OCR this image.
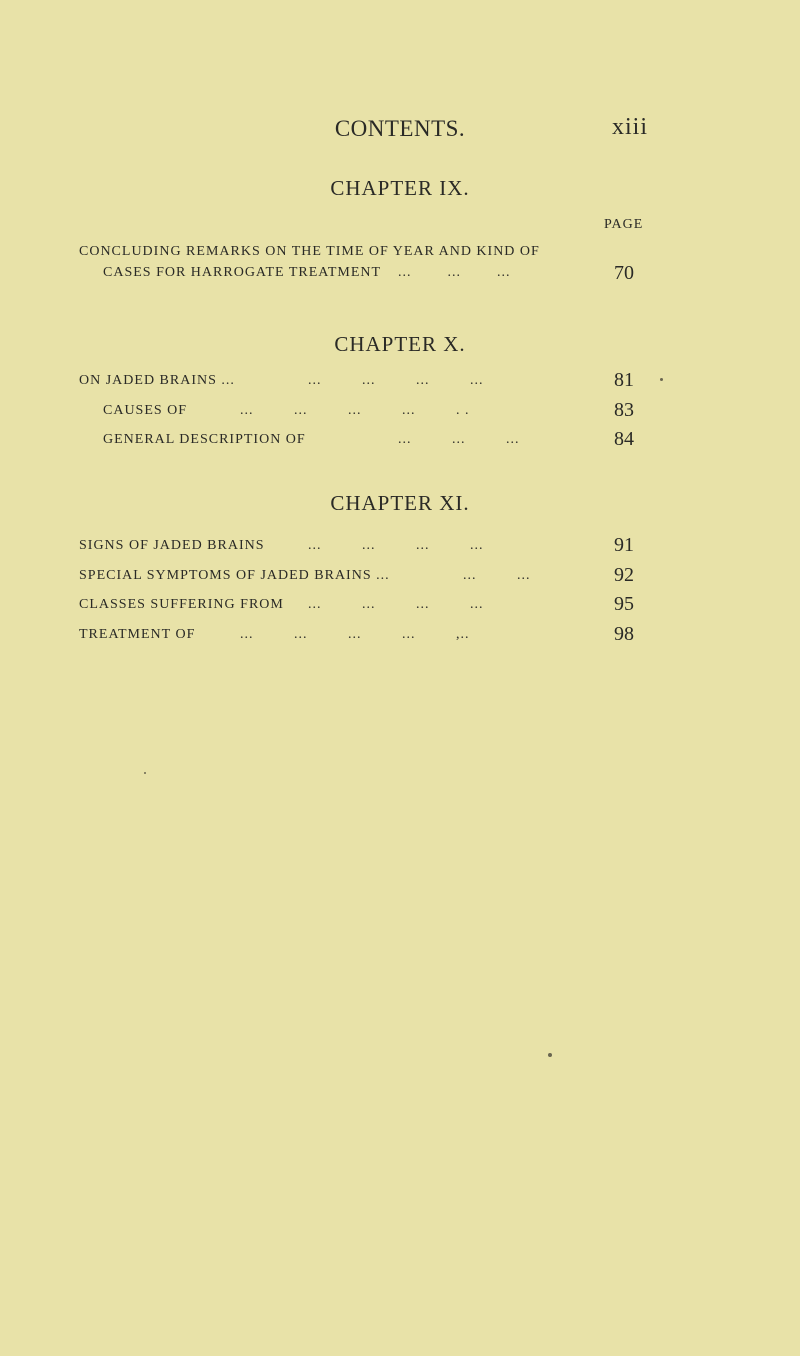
CONTENTS.	xiii
CHAPTER IX.
PAGE
CONCLUDING REMARKS ON THE TIME OF YEAR AND KIND OF
CASES FOR HARROGATE TREATMENT ...        ...        ...	70
CHAPTER X.
ON JADED BRAINS ...	...         ...         ...         ...	81
CAUSES OF	...         ...         ...         ...         . .	83
GENERAL DESCRIPTION OF	...         ...         ...	84
CHAPTER XI.
SIGNS OF JADED BRAINS	...         ...         ...         ...	91
SPECIAL SYMPTOMS OF JADED BRAINS ...	...         ...	92
CLASSES SUFFERING FROM ...         ...         ...         ...	95
TREATMENT OF	...         ...         ...         ...         ,..	98
